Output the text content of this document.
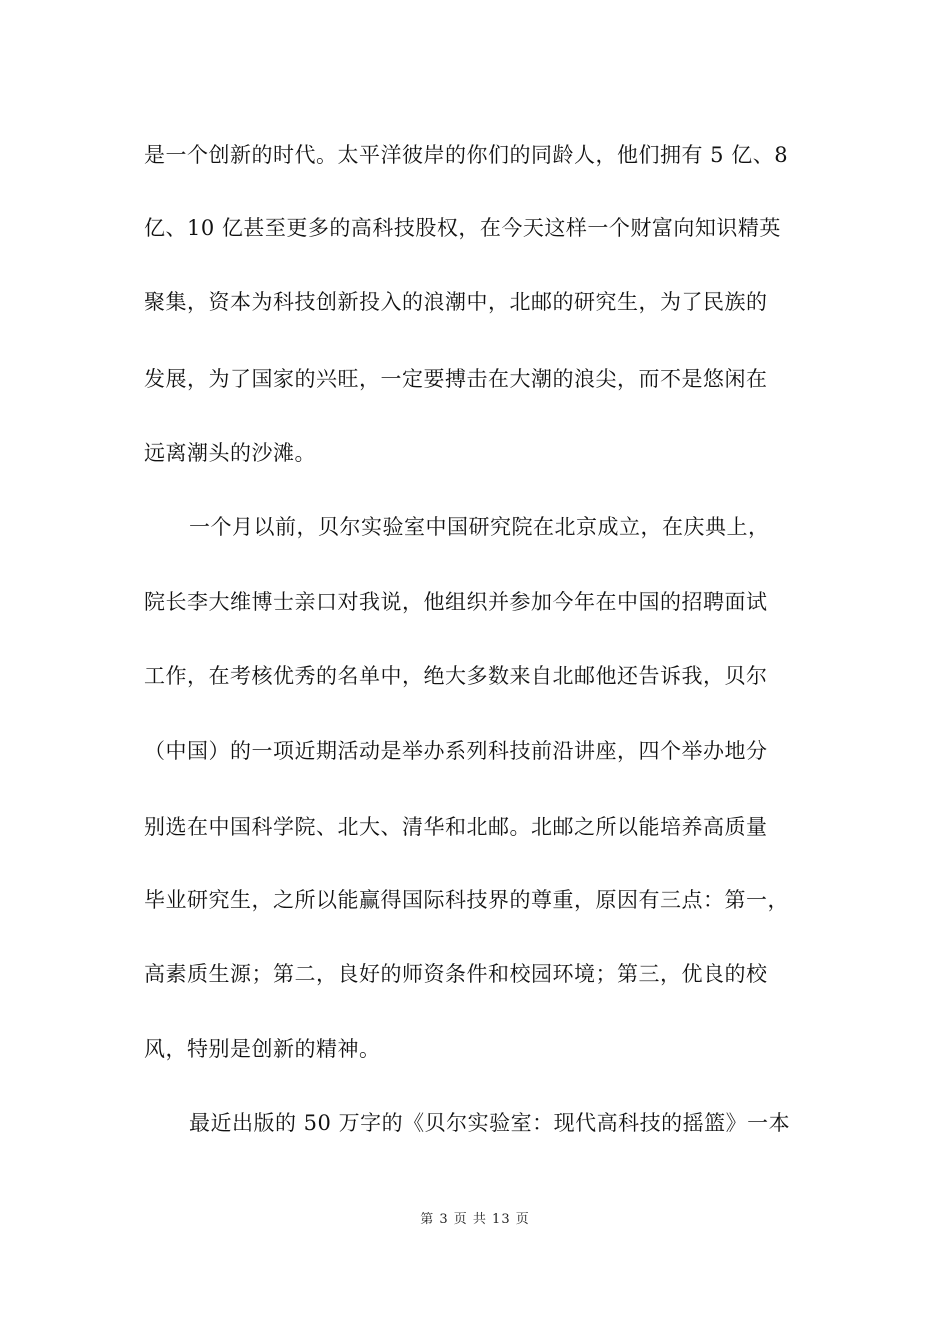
是一个创新的时代。太平洋彼岸的你们的同龄人，他们拥有 5 亿、8
亿、10 亿甚至更多的高科技股权，在今天这样一个财富向知识精英
聚集，资本为科技创新投入的浪潮中，北邮的研究生，为了民族的
发展，为了国家的兴旺，一定要搏击在大潮的浪尖，而不是悠闲在
远离潮头的沙滩。
一个月以前，贝尔实验室中国研究院在北京成立，在庆典上，
院长李大维博士亲口对我说，他组织并参加今年在中国的招聘面试
工作，在考核优秀的名单中，绝大多数来自北邮他还告诉我，贝尔
（中国）的一项近期活动是举办系列科技前沿讲座，四个举办地分
别选在中国科学院、北大、清华和北邮。北邮之所以能培养高质量
毕业研究生，之所以能赢得国际科技界的尊重，原因有三点：第一，
高素质生源；第二，良好的师资条件和校园环境；第三，优良的校
风，特别是创新的精神。
最近出版的 50 万字的《贝尔实验室：现代高科技的摇篮》一本
第 3 页 共 13 页
